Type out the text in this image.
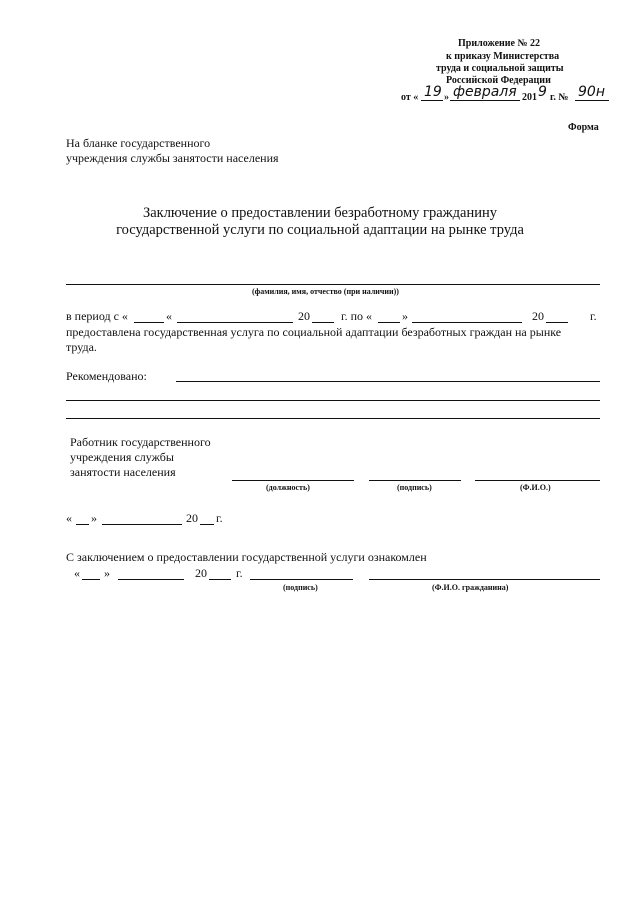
Приложение № 22
к приказу Министерства
труда и социальной защиты
Российской Федерации
от « 19 » февраля 201 9 г. № 90н
Форма
На бланке государственного
учреждения службы занятости населения
Заключение о предоставлении безработному гражданину
государственной услуги по социальной адаптации на рынке труда
(фамилия, имя, отчество (при наличии))
в период с «	«	20	г. по «	»	20	г.
предоставлена государственная услуга по социальной адаптации безработных граждан на рынке
труда.
Рекомендовано:
Работник государственного
учреждения службы
занятости населения
(должность)	(подпись)	(Ф.И.О.)
« »	20 г.
С заключением о предоставлении государственной услуги ознакомлен
« »	20 г.
(подпись)	(Ф.И.О. гражданина)
